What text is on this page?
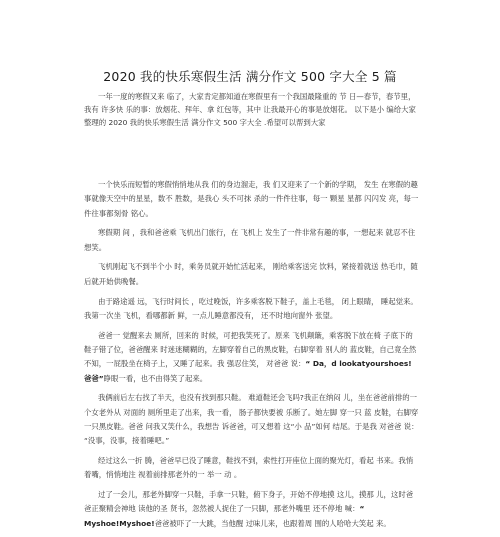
2020 我的快乐寒假生活 满分作文 500 字大全 5 篇

一年一度的寒假又来 临了，大家肯定都知道在寒假里有一个我国最隆重的 节 日—春节，春节里，我有 许多快 乐的事：放烟花、拜年、拿 红包等，其中 让我最开心的事是放烟花。 以下是小 编给大家整理的 2020 我的快乐寒假生活 满分作文 500 字大全 .希望可以帮到大家

一个快乐而短暂的寒假悄悄地从我 们的身边溜走，我 们又迎来了一个新的学期， 发生 在寒假的趣事就像天空中的星星，数不 胜数，是我心 头不可抹 杀的一件件往事，每一 颗星 星都 闪闪发 亮，每一件往事都刻骨 铭心。

寒假期 间 ，我和爸爸乘 飞机出门旅行，在 飞机上 发生了一件非常有趣的事，一想起来 就忍不住想笑。

飞机刚起飞不到半个小 时，乘务员就开始忙活起来， 刚给乘客送完 饮料，紧接着就送 热毛巾，随后就开始供晚餐。

由于路途遥 远，飞行时间长 ，吃过晚饭，许多乘客脱下鞋子，盖上毛毯， 闭上眼睛， 睡起觉来。我第一次坐 飞机，看哪都新 鲜，一点儿睡意都没有， 还不时地向窗外 张望。

爸爸一 觉醒来去 厕所，回来的 时候，可把我笑死了。原来 飞机颠簸，乘客脱下放在椅 子底下的鞋子错了位，爸爸醒来 时迷迷糊糊的，左脚穿着自己的黑皮鞋，右脚穿着 别人的 蓝皮鞋，自己竟全然不知，一屁股坐在椅子上，又睡了起来。我 强忍住笑， 对爸爸 说：“ Da，d lookatyourshoes! 爸爸”睁眼一看，也不由得笑了起来。

我俩前后左右找了半天，也没有找到那只鞋。 难道鞋还会飞吗?我正在纳闷 儿，坐在爸爸前排的一个女老外从 对面的 厕所里走了出来，我一看， 肠子都快要被 乐断了。她左脚 穿一只 蓝 皮鞋，右脚穿一只黑皮鞋。爸爸 问我又笑什么，我想告 诉爸爸，可又想着 这“小 品”如何 结尾。于是我 对爸爸 说： “没事，没事，接着睡吧。”

经过这么一折 腾，爸爸早已没了睡意，鞋找不到，索性打开座位上面的聚光灯，看起 书来。我悄着嘴，悄悄地注 视着前排那老外的一 举一 动 。

过了一会儿，那老外脚穿一只鞋，手拿一只鞋，俯下身子，开始不停地摸 这儿，摸那 儿，这时爸爸正聚精会神地 读他的圣 贤书，忽然被人捉住了一只脚，那老外嘴里 还不停地 喊：“ Myshoe!Myshoe!爸爸被吓了一大跳，当他醒 过味儿来，也跟着周 围的人哈哈大笑起 来。
